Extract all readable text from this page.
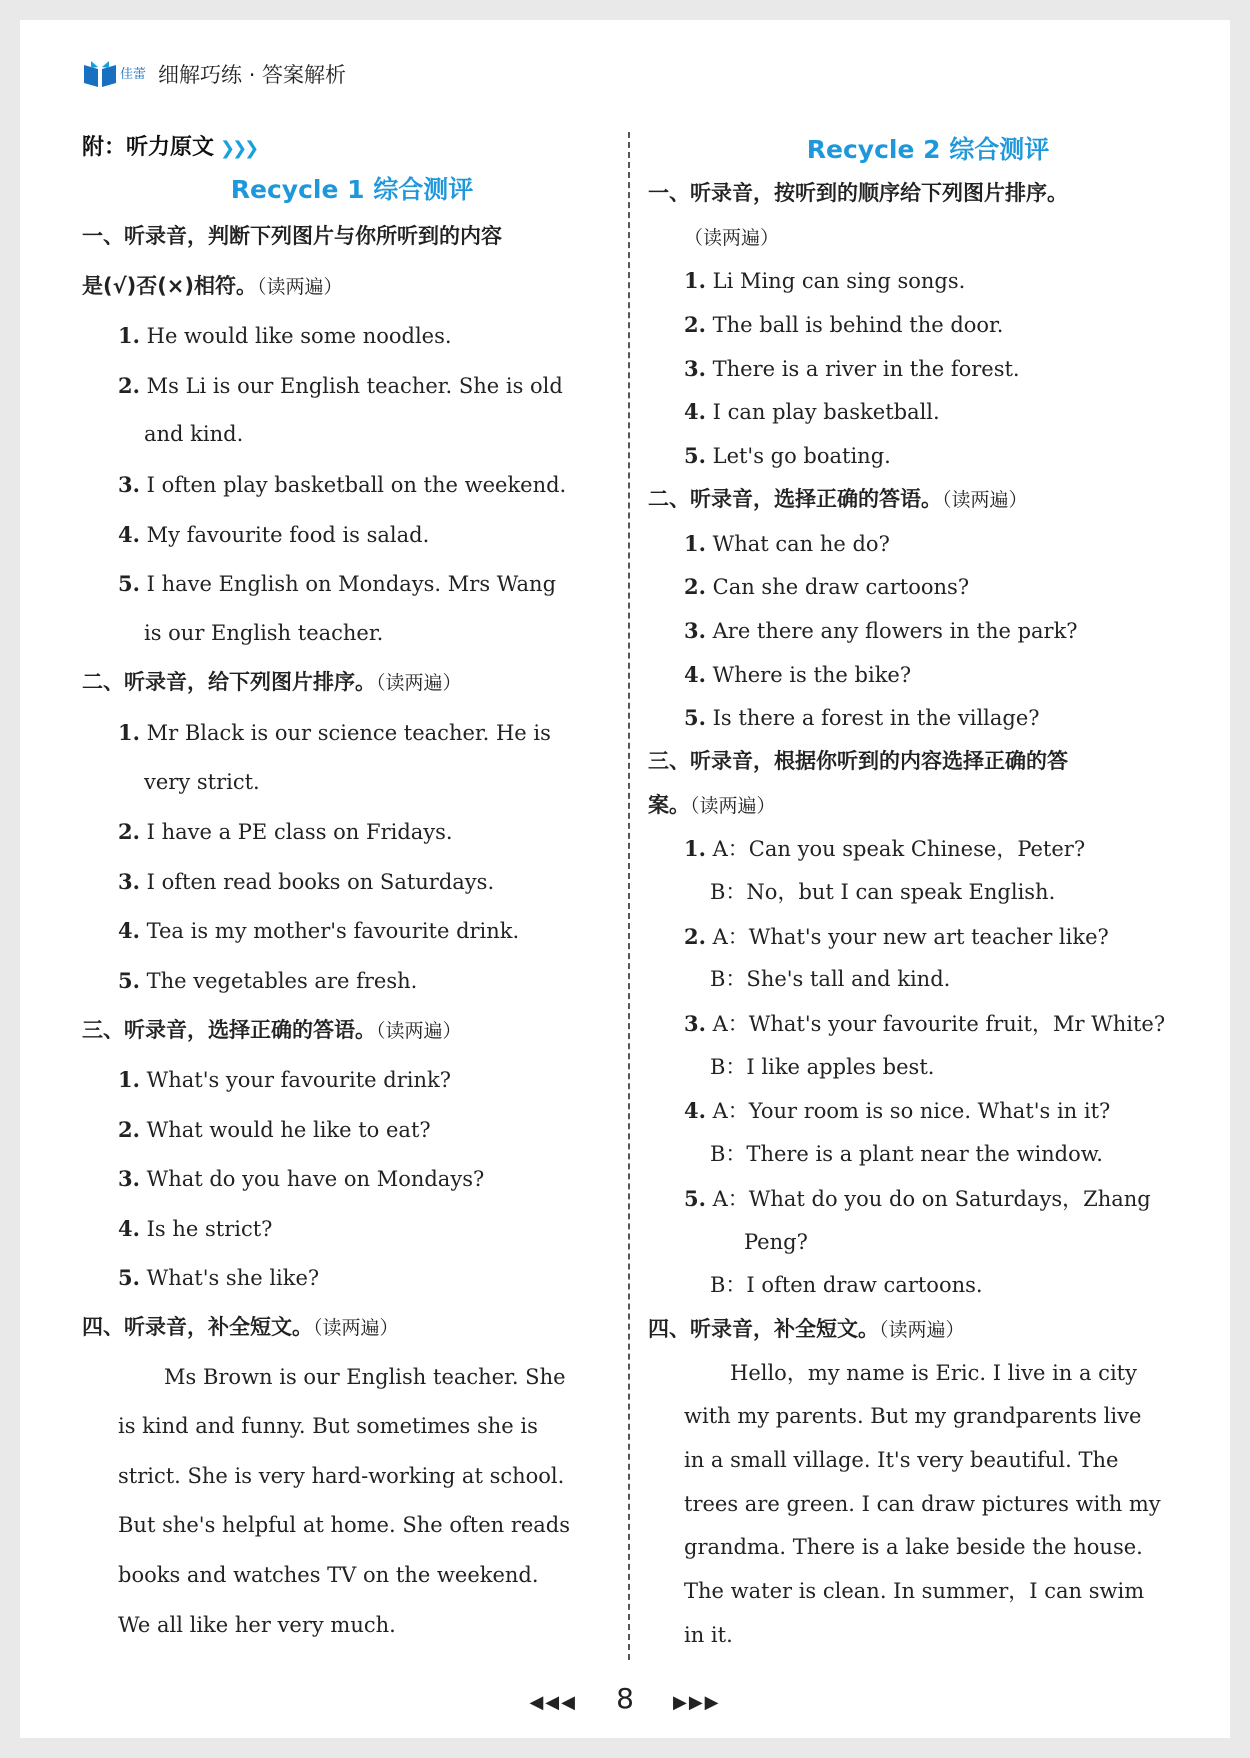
佳蕾 细解巧练 · 答案解析
附：听力原文 ❯❯❯
Recycle 1 综合测评
一、听录音，判断下列图片与你所听到的内容
是(√)否(×)相符。（读两遍）
1. He would like some noodles.
2. Ms Li is our English teacher. She is old
and kind.
3. I often play basketball on the weekend.
4. My favourite food is salad.
5. I have English on Mondays. Mrs Wang
is our English teacher.
二、听录音，给下列图片排序。（读两遍）
1. Mr Black is our science teacher. He is
very strict.
2. I have a PE class on Fridays.
3. I often read books on Saturdays.
4. Tea is my mother's favourite drink.
5. The vegetables are fresh.
三、听录音，选择正确的答语。（读两遍）
1. What's your favourite drink?
2. What would he like to eat?
3. What do you have on Mondays?
4. Is he strict?
5. What's she like?
四、听录音，补全短文。（读两遍）
Ms Brown is our English teacher. She
is kind and funny. But sometimes she is
strict. She is very hard-working at school.
But she's helpful at home. She often reads
books and watches TV on the weekend.
We all like her very much.
Recycle 2 综合测评
一、听录音，按听到的顺序给下列图片排序。
（读两遍）
1. Li Ming can sing songs.
2. The ball is behind the door.
3. There is a river in the forest.
4. I can play basketball.
5. Let's go boating.
二、听录音，选择正确的答语。（读两遍）
1. What can he do?
2. Can she draw cartoons?
3. Are there any flowers in the park?
4. Where is the bike?
5. Is there a forest in the village?
三、听录音，根据你听到的内容选择正确的答
案。（读两遍）
1. A：Can you speak Chinese，Peter?
B：No，but I can speak English.
2. A：What's your new art teacher like?
B：She's tall and kind.
3. A：What's your favourite fruit，Mr White?
B：I like apples best.
4. A：Your room is so nice. What's in it?
B：There is a plant near the window.
5. A：What do you do on Saturdays，Zhang
Peng?
B：I often draw cartoons.
四、听录音，补全短文。（读两遍）
Hello，my name is Eric. I live in a city
with my parents. But my grandparents live
in a small village. It's very beautiful. The
trees are green. I can draw pictures with my
grandma. There is a lake beside the house.
The water is clean. In summer，I can swim
in it.
◀◀◀ 8 ▶▶▶
